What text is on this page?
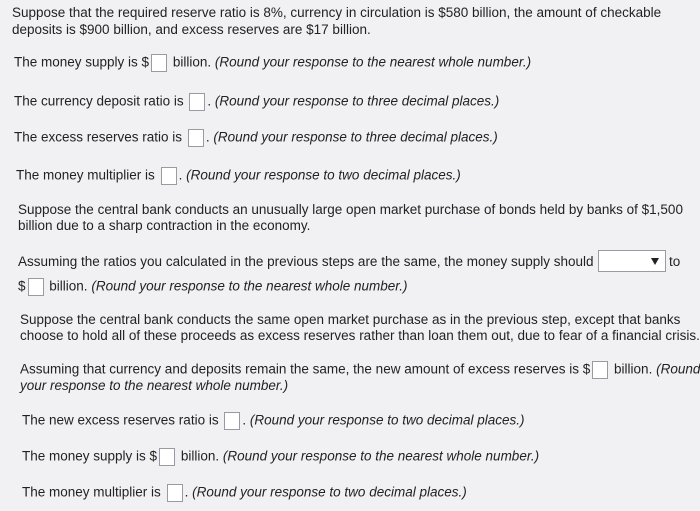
Suppose that the required reserve ratio is 8%, currency in circulation is $580 billion, the amount of checkable
deposits is $900 billion, and excess reserves are $17 billion.
The money supply is $ billion. (Round your response to the nearest whole number.)
The currency deposit ratio is . (Round your response to three decimal places.)
The excess reserves ratio is . (Round your response to three decimal places.)
The money multiplier is . (Round your response to two decimal places.)
Suppose the central bank conducts an unusually large open market purchase of bonds held by banks of $1,500
billion due to a sharp contraction in the economy.
Assuming the ratios you calculated in the previous steps are the same, the money supply should	to
$ billion. (Round your response to the nearest whole number.)
Suppose the central bank conducts the same open market purchase as in the previous step, except that banks
choose to hold all of these proceeds as excess reserves rather than loan them out, due to fear of a financial crisis.
Assuming that currency and deposits remain the same, the new amount of excess reserves is $ billion. (Round
your response to the nearest whole number.)
The new excess reserves ratio is . (Round your response to two decimal places.)
The money supply is $ billion. (Round your response to the nearest whole number.)
The money multiplier is . (Round your response to two decimal places.)
